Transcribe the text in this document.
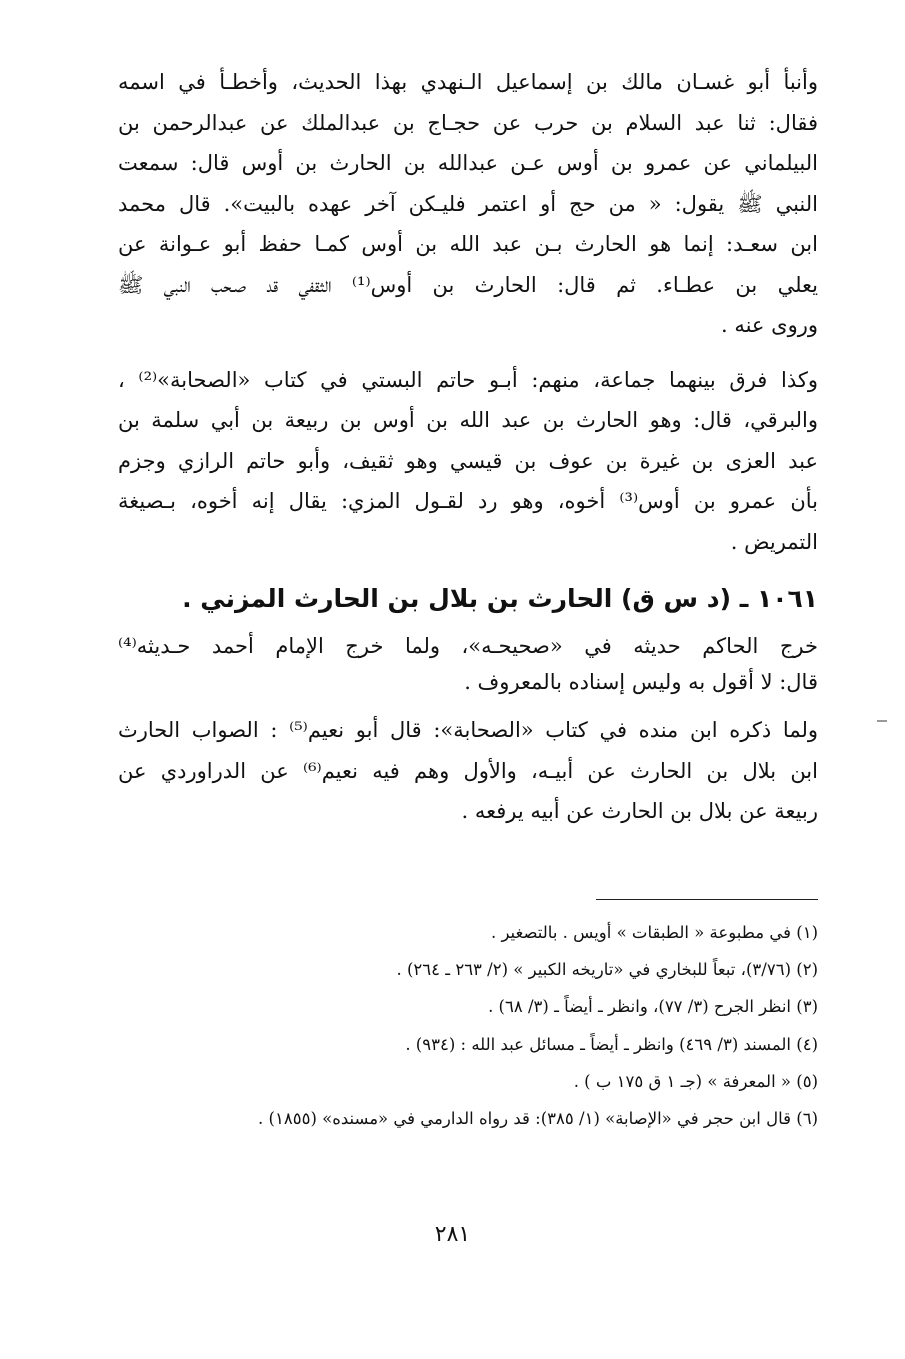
وأنبأ أبو غسـان مالك بن إسماعيل الـنهدي بهذا الحديث، وأخطـأ في اسمه
فقال: ثنا عبد السلام بن حرب عن حجـاج بن عبدالملك عن عبدالرحمن بن
البيلماني عن عمرو بن أوس عـن عبدالله بن الحارث بن أوس قال: سمعت
النبي ﷺ يقول: « من حج أو اعتمر فليـكن آخر عهده بالبيت». قال محمد
ابن سعـد: إنما هو الحارث بـن عبد الله بن أوس كمـا حفظ أبو عـوانة عن
يعلي بن عطـاء. ثم قال: الحارث بن أوس⁽¹⁾ الثقفي قد صـحب النبي ﷺ
وروى عنه .
وكذا فرق بينهما جماعة، منهم: أبـو حاتم البستي في كتاب «الصحابة»⁽²⁾ ،
والبرقي، قال: وهو الحارث بن عبد الله بن أوس بن ربيعة بن أبي سلمة بن
عبد العزى بن غيرة بن عوف بن قيسي وهو ثقيف، وأبو حاتم الرازي وجزم
بأن عمرو بن أوس⁽³⁾ أخوه، وهو رد لقـول المزي: يقال إنه أخوه، بـصيغة
التمريض .
١٠٦١ ـ (د س ق) الحارث بن بلال بن الحارث المزني .
خرج الحاكم حديثه في «صحيحـه»، ولما خرج الإمام أحمد حـديثه⁽⁴⁾
قال: لا أقول به وليس إسناده بالمعروف .
ولما ذكره ابن منده في كتاب «الصحابة»: قال أبو نعيم⁽⁵⁾ : الصواب الحارث
ابن بلال بن الحارث عن أبيـه، والأول وهم فيه نعيم⁽⁶⁾ عن الدراوردي عن
ربيعة عن بلال بن الحارث عن أبيه يرفعه .
(١) في مطبوعة « الطبقات » أويس . بالتصغير .
(٢) (٣/٧٦)، تبعاً للبخاري في «تاريخه الكبير » (٢/ ٢٦٣ ـ ٢٦٤) .
(٣) انظر الجرح (٣/ ٧٧)، وانظر ـ أيضاً ـ (٣/ ٦٨) .
(٤) المسند (٣/ ٤٦٩) وانظر ـ أيضاً ـ مسائل عبد الله : (٩٣٤) .
(٥) « المعرفة » (جـ ١ ق ١٧٥ ب ) .
(٦) قال ابن حجر في «الإصابة» (١/ ٣٨٥): قد رواه الدارمي في «مسنده» (١٨٥٥) .
٢٨١
